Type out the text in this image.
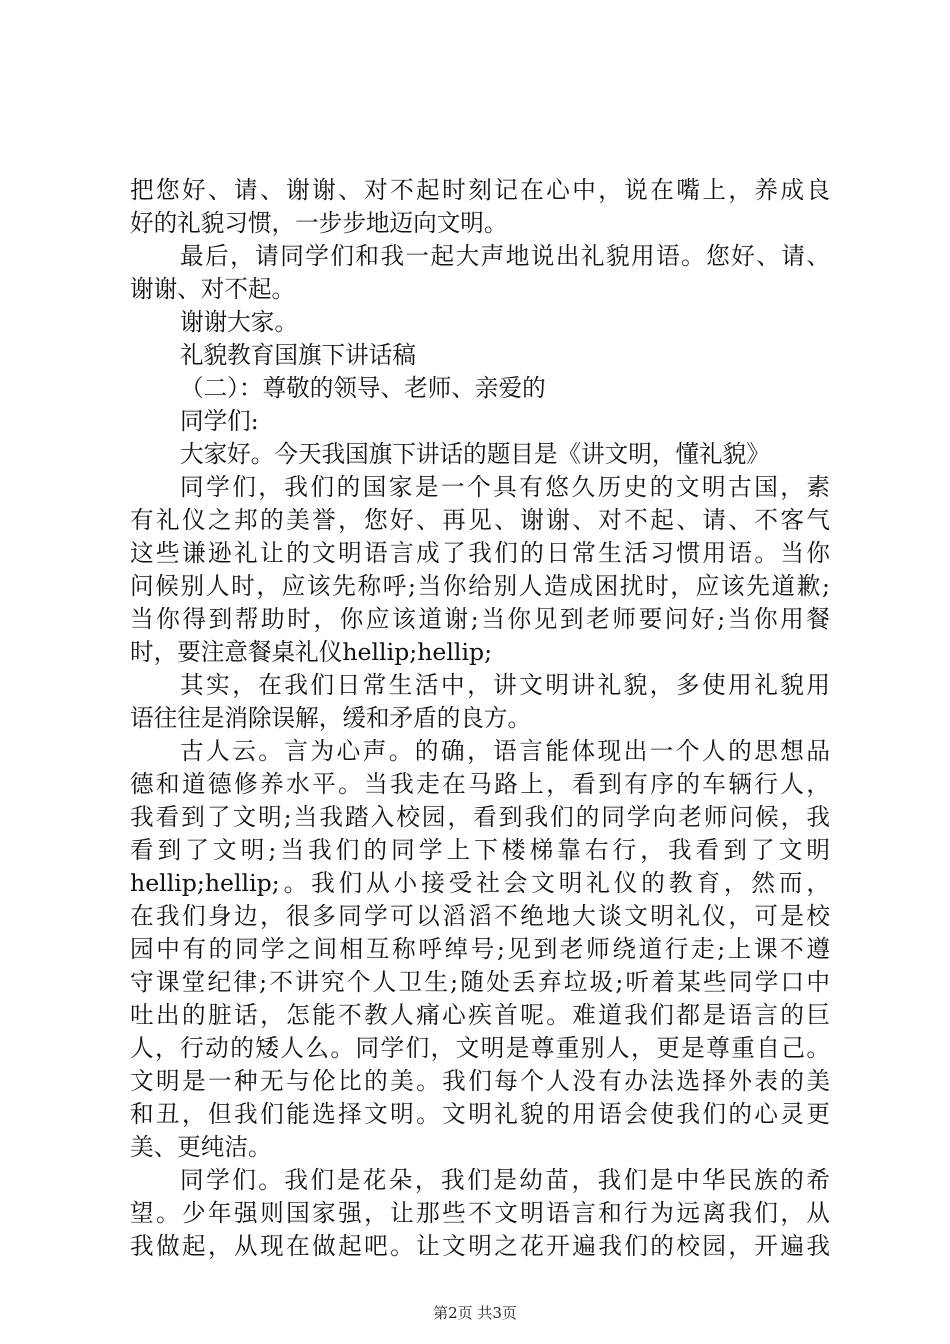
把您好、请、谢谢、对不起时刻记在心中，说在嘴上，养成良
好的礼貌习惯，一步步地迈向文明。
最后，请同学们和我一起大声地说出礼貌用语。您好、请、
谢谢、对不起。
谢谢大家。
礼貌教育国旗下讲话稿
（二）：尊敬的领导、老师、亲爱的
同学们:
大家好。今天我国旗下讲话的题目是《讲文明，懂礼貌》
同学们，我们的国家是一个具有悠久历史的文明古国，素
有礼仪之邦的美誉，您好、再见、谢谢、对不起、请、不客气
这些谦逊礼让的文明语言成了我们的日常生活习惯用语。当你
问候别人时，应该先称呼;当你给别人造成困扰时，应该先道歉;
当你得到帮助时，你应该道谢;当你见到老师要问好;当你用餐
时，要注意餐桌礼仪hellip;hellip;
其实，在我们日常生活中，讲文明讲礼貌，多使用礼貌用
语往往是消除误解，缓和矛盾的良方。
古人云。言为心声。的确，语言能体现出一个人的思想品
德和道德修养水平。当我走在马路上，看到有序的车辆行人，
我看到了文明;当我踏入校园，看到我们的同学向老师问候，我
看到了文明;当我们的同学上下楼梯靠右行，我看到了文明
hellip;hellip;。我们从小接受社会文明礼仪的教育，然而，
在我们身边，很多同学可以滔滔不绝地大谈文明礼仪，可是校
园中有的同学之间相互称呼绰号;见到老师绕道行走;上课不遵
守课堂纪律;不讲究个人卫生;随处丢弃垃圾;听着某些同学口中
吐出的脏话，怎能不教人痛心疾首呢。难道我们都是语言的巨
人，行动的矮人么。同学们，文明是尊重别人，更是尊重自己。
文明是一种无与伦比的美。我们每个人没有办法选择外表的美
和丑，但我们能选择文明。文明礼貌的用语会使我们的心灵更
美、更纯洁。
同学们。我们是花朵，我们是幼苗，我们是中华民族的希
望。少年强则国家强，让那些不文明语言和行为远离我们，从
我做起，从现在做起吧。让文明之花开遍我们的校园，开遍我
第2页 共3页
